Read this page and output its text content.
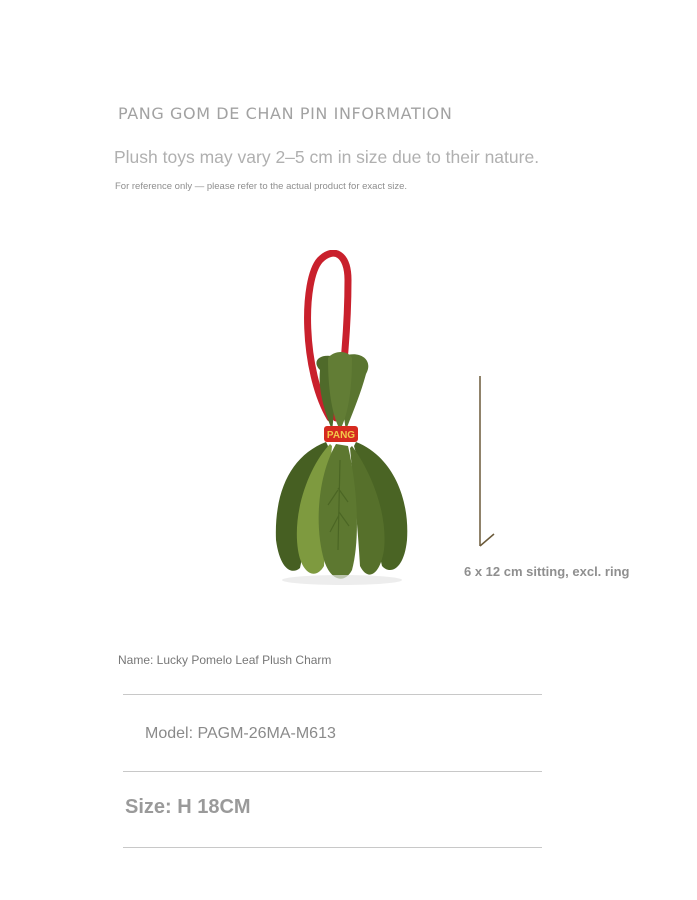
PANG GOM DE CHAN PIN INFORMATION
Plush toys may vary 2–5 cm in size due to their nature.
For reference only — please refer to the actual product for exact size.
PANG
6 x 12 cm sitting, excl. ring
Name: Lucky Pomelo Leaf Plush Charm
Model: PAGM-26MA-M613
Size: H 18CM
